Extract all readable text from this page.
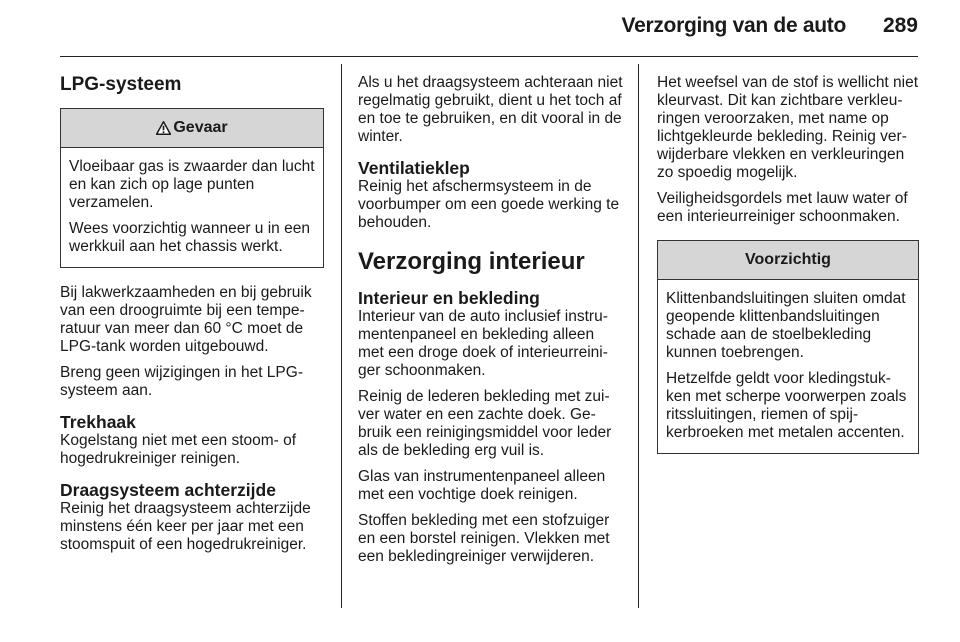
Verzorging van de auto	289
LPG-systeem
Gevaar

Vloeibaar gas is zwaarder dan lucht en kan zich op lage punten verzamelen.

Wees voorzichtig wanneer u in een werkkuil aan het chassis werkt.

Bij lakwerkzaamheden en bij gebruik van een droogruimte bij een temperatuur van meer dan 60 °C moet de LPG-tank worden uitgebouwd.

Breng geen wijzigingen in het LPG-systeem aan.

Trekhaak

Kogelstang niet met een stoom- of hogedrukreiniger reinigen.

Draagsysteem achterzijde

Reinig het draagsysteem achterzijde minstens één keer per jaar met een stoomspuit of een hogedrukreiniger.

Als u het draagsysteem achteraan niet regelmatig gebruikt, dient u het toch af en toe te gebruiken, en dit vooral in de winter.

Ventilatieklep

Reinig het afschermsysteem in de voorbumper om een goede werking te behouden.

Verzorging interieur
Interieur en bekleding

Interieur van de auto inclusief instrumentenpaneel en bekleding alleen met een droge doek of interieurreiniger schoonmaken.

Reinig de lederen bekleding met zuiver water en een zachte doek. Gebruik een reinigingsmiddel voor leder als de bekleding erg vuil is.

Glas van instrumentenpaneel alleen met een vochtige doek reinigen.

Stoffen bekleding met een stofzuiger en een borstel reinigen. Vlekken met een bekledingreiniger verwijderen.

Het weefsel van de stof is wellicht niet kleurvast. Dit kan zichtbare verkleuringen veroorzaken, met name op lichtgekleurde bekleding. Reinig verwijderbare vlekken en verkleuringen zo spoedig mogelijk.

Veiligheidsgordels met lauw water of een interieurreiniger schoonmaken.

Voorzichtig

Klittenbandsluitingen sluiten omdat geopende klittenbandsluitingen schade aan de stoelbekleding kunnen toebrengen.

Hetzelfde geldt voor kledingstukken met scherpe voorwerpen zoals ritssluitingen, riemen of spijkerbroeken met metalen accenten.
